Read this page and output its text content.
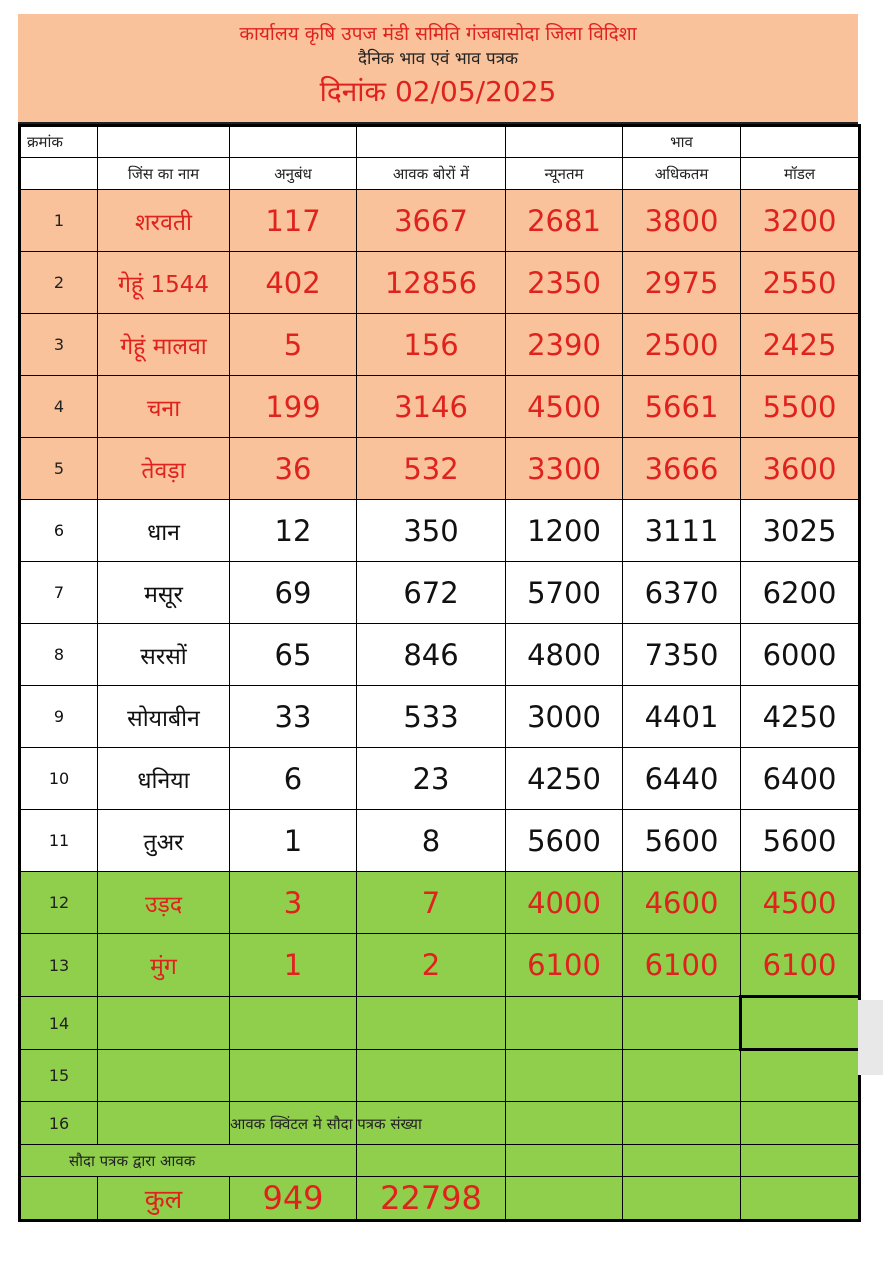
कार्यालय कृषि उपज मंडी समिति गंजबासोदा जिला विदिशा
दैनिक भाव एवं भाव पत्रक
दिनांक 02/05/2025
क्रमांक					भाव	
	जिंस का नाम	अनुबंध	आवक बोरों में	न्यूनतम	अधिकतम	मॉडल
1	शरवती	117	3667	2681	3800	3200
2	गेहूं 1544	402	12856	2350	2975	2550
3	गेहूं मालवा	5	156	2390	2500	2425
4	चना	199	3146	4500	5661	5500
5	तेवड़ा	36	532	3300	3666	3600
6	धान	12	350	1200	3111	3025
7	मसूर	69	672	5700	6370	6200
8	सरसों	65	846	4800	7350	6000
9	सोयाबीन	33	533	3000	4401	4250
10	धनिया	6	23	4250	6440	6400
11	तुअर	1	8	5600	5600	5600
12	उड़द	3	7	4000	4600	4500
13	मुंग	1	2	6100	6100	6100
14						
15						
16		आवक क्विंटल मे सौदा पत्रक संख्या				

सौदा पत्रक द्वारा आवक						
	कुल	949	22798			
